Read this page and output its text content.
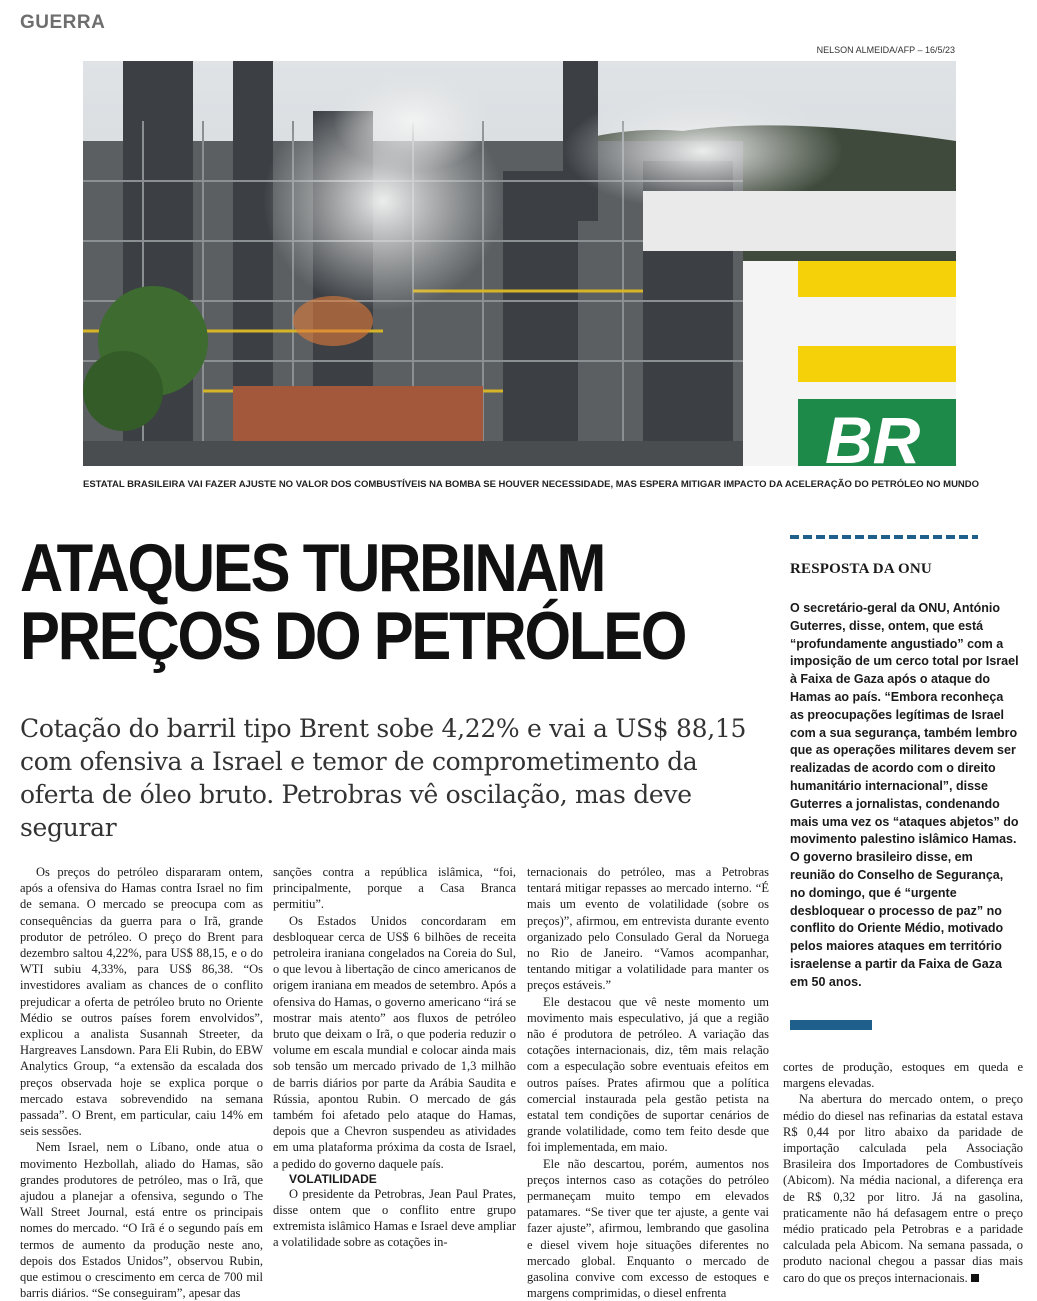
GUERRA
NELSON ALMEIDA/AFP – 16/5/23
BR
ESTATAL BRASILEIRA VAI FAZER AJUSTE NO VALOR DOS COMBUSTÍVEIS NA BOMBA SE HOUVER NECESSIDADE, MAS ESPERA MITIGAR IMPACTO DA ACELERAÇÃO DO PETRÓLEO NO MUNDO
ATAQUES TURBINAM
PREÇOS DO PETRÓLEO
Cotação do barril tipo Brent sobe 4,22% e vai a US$ 88,15 com ofensiva a Israel e temor de comprometimento da oferta de óleo bruto. Petrobras vê oscilação, mas deve segurar

Os preços do petróleo dispararam ontem, após a ofensiva do Hamas contra Israel no fim de semana. O mercado se preocupa com as consequências da guerra para o Irã, grande produtor de petróleo. O preço do Brent para dezembro saltou 4,22%, para US$ 88,15, e o do WTI subiu 4,33%, para US$ 86,38. “Os investidores avaliam as chances de o conflito prejudicar a oferta de petróleo bruto no Oriente Médio se outros países forem envolvidos”, explicou a analista Susannah Streeter, da Hargreaves Lansdown. Para Eli Rubin, do EBW Analytics Group, “a extensão da escalada dos preços observada hoje se explica porque o mercado estava sobrevendido na semana passada”. O Brent, em particular, caiu 14% em seis sessões.

Nem Israel, nem o Líbano, onde atua o movimento Hezbollah, aliado do Hamas, são grandes produtores de petróleo, mas o Irã, que ajudou a planejar a ofensiva, segundo o The Wall Street Journal, está entre os principais nomes do mercado. “O Irã é o segundo país em termos de aumento da produção neste ano, depois dos Estados Unidos”, observou Rubin, que estimou o crescimento em cerca de 700 mil barris diários. “Se conseguiram”, apesar das

sanções contra a república islâmica, “foi, principalmente, porque a Casa Branca permitiu”.

Os Estados Unidos concordaram em desbloquear cerca de US$ 6 bilhões de receita petroleira iraniana congelados na Coreia do Sul, o que levou à libertação de cinco americanos de origem iraniana em meados de setembro. Após a ofensiva do Hamas, o governo americano “irá se mostrar mais atento” aos fluxos de petróleo bruto que deixam o Irã, o que poderia reduzir o volume em escala mundial e colocar ainda mais sob tensão um mercado privado de 1,3 milhão de barris diários por parte da Arábia Saudita e Rússia, apontou Rubin. O mercado de gás também foi afetado pelo ataque do Hamas, depois que a Chevron suspendeu as atividades em uma plataforma próxima da costa de Israel, a pedido do governo daquele país.

VOLATILIDADE

O presidente da Petrobras, Jean Paul Prates, disse ontem que o conflito entre grupo extremista islâmico Hamas e Israel deve ampliar a volatilidade sobre as cotações in-

ternacionais do petróleo, mas a Petrobras tentará mitigar repasses ao mercado interno. “É mais um evento de volatilidade (sobre os preços)”, afirmou, em entrevista durante evento organizado pelo Consulado Geral da Noruega no Rio de Janeiro. “Vamos acompanhar, tentando mitigar a volatilidade para manter os preços estáveis.”

Ele destacou que vê neste momento um movimento mais especulativo, já que a região não é produtora de petróleo. A variação das cotações internacionais, diz, têm mais relação com a especulação sobre eventuais efeitos em outros países. Prates afirmou que a política comercial instaurada pela gestão petista na estatal tem condições de suportar cenários de grande volatilidade, como tem feito desde que foi implementada, em maio.

Ele não descartou, porém, aumentos nos preços internos caso as cotações do petróleo permaneçam muito tempo em elevados patamares. “Se tiver que ter ajuste, a gente vai fazer ajuste”, afirmou, lembrando que gasolina e diesel vivem hoje situações diferentes no mercado global. Enquanto o mercado de gasolina convive com excesso de estoques e margens comprimidas, o diesel enfrenta

cortes de produção, estoques em queda e margens elevadas.

Na abertura do mercado ontem, o preço médio do diesel nas refinarias da estatal estava R$ 0,44 por litro abaixo da paridade de importação calculada pela Associação Brasileira dos Importadores de Combustíveis (Abicom). Na média nacional, a diferença era de R$ 0,32 por litro. Já na gasolina, praticamente não há defasagem entre o preço médio praticado pela Petrobras e a paridade calculada pela Abicom. Na semana passada, o produto nacional chegou a passar dias mais caro do que os preços internacionais.

RESPOSTA DA ONU
O secretário-geral da ONU, António Guterres, disse, ontem, que está “profundamente angustiado” com a imposição de um cerco total por Israel à Faixa de Gaza após o ataque do Hamas ao país. “Embora reconheça as preocupações legítimas de Israel com a sua segurança, também lembro que as operações militares devem ser realizadas de acordo com o direito humanitário internacional”, disse Guterres a jornalistas, condenando mais uma vez os “ataques abjetos” do movimento palestino islâmico Hamas. O governo brasileiro disse, em reunião do Conselho de Segurança, no domingo, que é “urgente desbloquear o processo de paz” no conflito do Oriente Médio, motivado pelos maiores ataques em território israelense a partir da Faixa de Gaza em 50 anos.
